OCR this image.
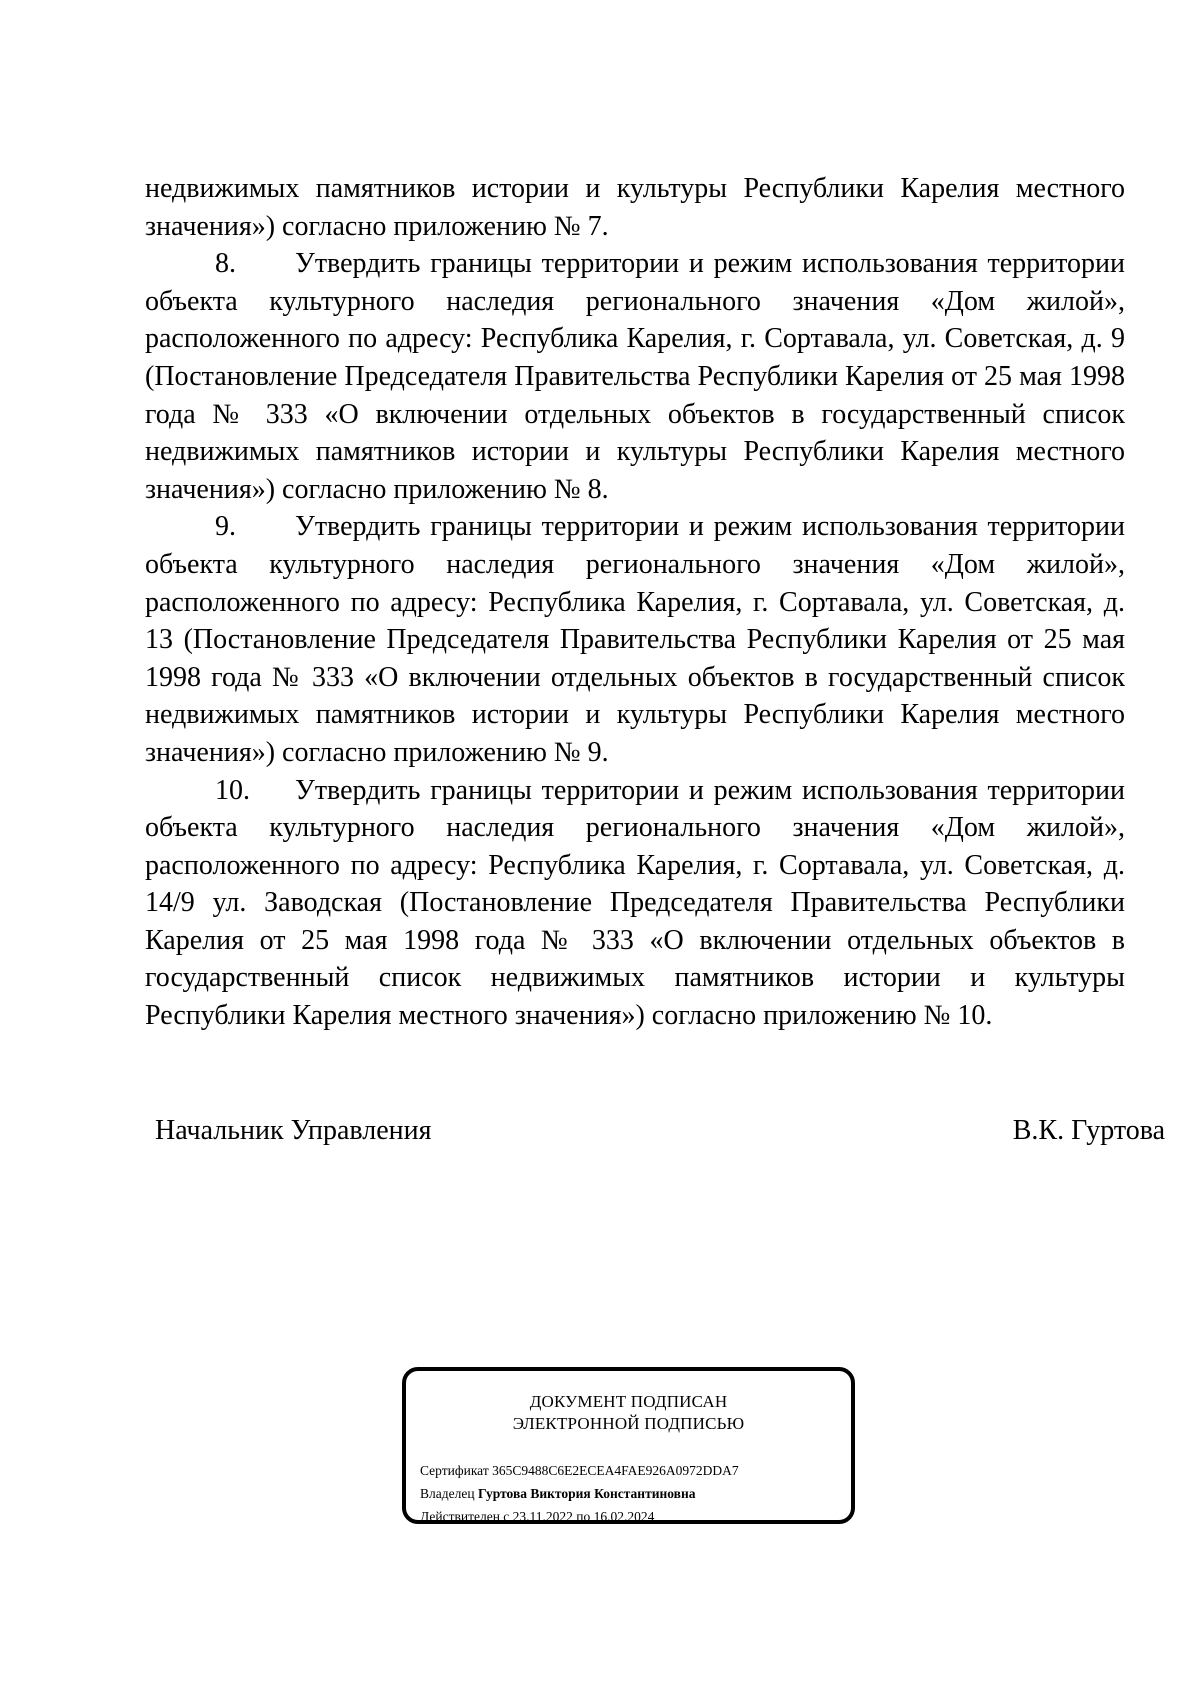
недвижимых памятников истории и культуры Республики Карелия местного значения») согласно приложению № 7.

8. Утвердить границы территории и режим использования территории объекта культурного наследия регионального значения «Дом жилой», расположенного по адресу: Республика Карелия, г. Сортавала, ул. Советская, д. 9 (Постановление Председателя Правительства Республики Карелия от 25 мая 1998 года № 333 «О включении отдельных объектов в государственный список недвижимых памятников истории и культуры Республики Карелия местного значения») согласно приложению № 8.

9. Утвердить границы территории и режим использования территории объекта культурного наследия регионального значения «Дом жилой», расположенного по адресу: Республика Карелия, г. Сортавала, ул. Советская, д. 13 (Постановление Председателя Правительства Республики Карелия от 25 мая 1998 года № 333 «О включении отдельных объектов в государственный список недвижимых памятников истории и культуры Республики Карелия местного значения») согласно приложению № 9.

10. Утвердить границы территории и режим использования территории объекта культурного наследия регионального значения «Дом жилой», расположенного по адресу: Республика Карелия, г. Сортавала, ул. Советская, д. 14/9 ул. Заводская (Постановление Председателя Правительства Республики Карелия от 25 мая 1998 года № 333 «О включении отдельных объектов в государственный список недвижимых памятников истории и культуры Республики Карелия местного значения») согласно приложению № 10.

Начальник Управления	В.К. Гуртова
ДОКУМЕНТ ПОДПИСАН
ЭЛЕКТРОННОЙ ПОДПИСЬЮ
Сертификат 365C9488C6E2ECEA4FAE926A0972DDA7
Владелец Гуртова Виктория Константиновна
Действителен с 23.11.2022 по 16.02.2024
